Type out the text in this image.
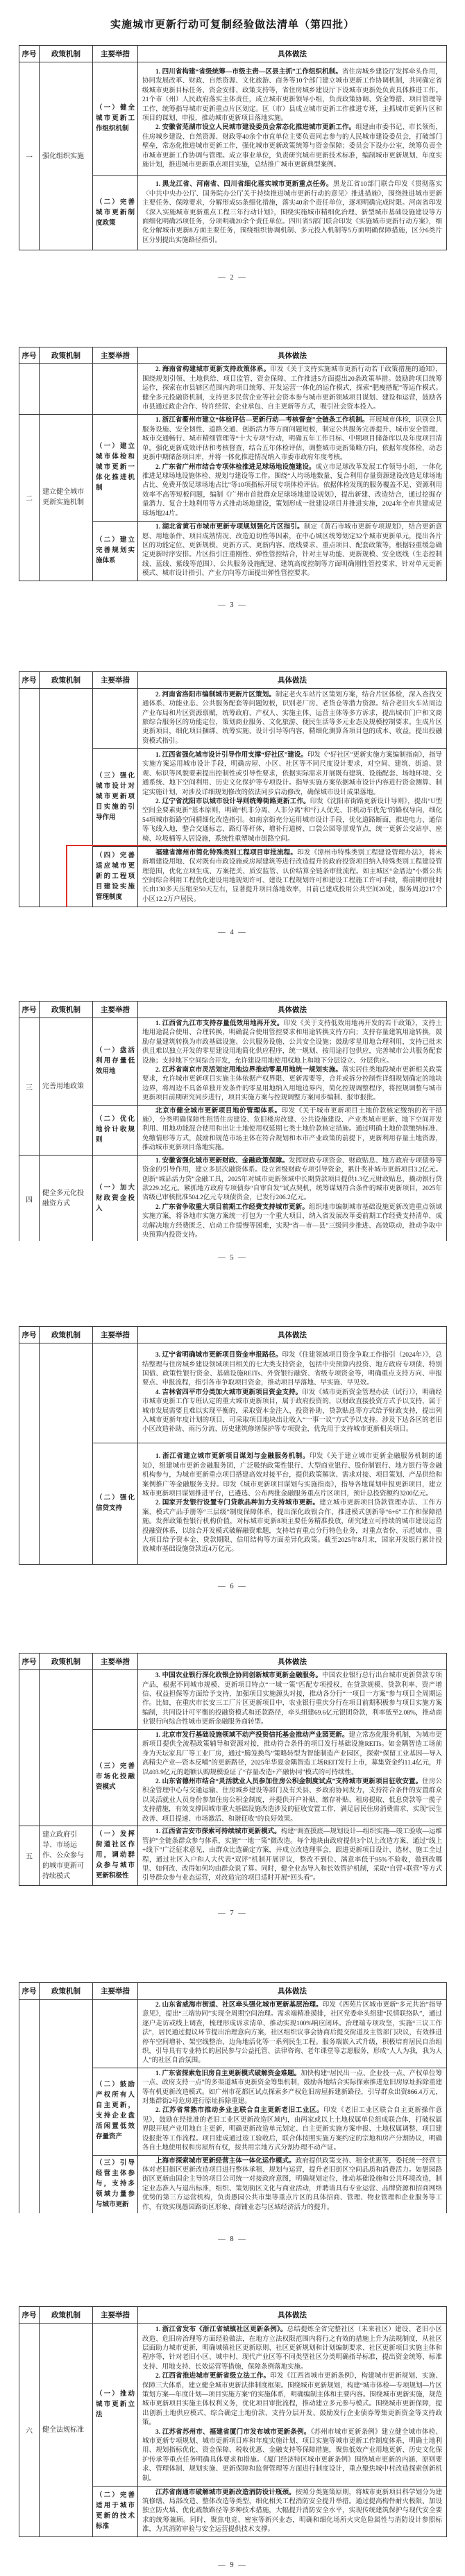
实施城市更新行动可复制经验做法清单（第四批）
序号	政策机制	主要举措	具体做法
一	强化组织实施	（一）健全城市更新工作组织机制	1. 四川省构建“省级统筹—市级主责—区县主抓”工作组织机制。省住房城乡建设厅发挥牵头作用，协同发展改革、财政、自然资源、文化旅游、商务等10个部门建立城市更新工作协调机制，共同确定省级城市更新目标任务、资金安排、政策支持等，省住房城乡建设厅下设城市更新处负责具体推进工作。21个市（州）人民政府落实主体责任，成立城市更新领导小组，负责政策协调、资金筹措、项目管理等工作，统筹指导城市更新重点片区划定。区（市）县成立城市更新工作推进专班，主抓城市更新片区和项目的谋划、申报，推动城市更新项目落地实施。

2. 安徽省芜湖市设立人民城市建设委员会常态化推进城市更新工作。组建由市委书记、市长领衔，住房城乡建设、自然资源、财政等40余个市直单位主要负责同志参与的人民城市建设委员会，打破部门壁垒，常态化推进城市更新工作，强化城市更新政策统筹与资金保障；委员会下设办公室，统筹负责全市城市更新工作协调与管理。成立事业单位，负责研究城市更新技术标准，编制城市更新规划、年度实施计划，推进城市更新重点项目实施，总结推广城市更新典型案例。

		（二）完善城市更新制度政策	1. 黑龙江省、河南省、四川省细化落实城市更新重点任务。黑龙江省10部门联合印发《贯彻落实〈中共中央办公厅、国务院办公厅关于持续推进城市更新行动的意见〉推进措施》，围绕推进城市更新主要任务、保障要求，分解形成55条细化措施，落实40余个责任单位，逐项明确完成时限。河南省印发《深入实施城市更新重点工程三年行动计划》，围绕实施城市精细化治理、新型城市基础设施建设等方面细化明确25项任务，分项明确20余个责任单位。四川省5部门联合印发《实施城市更新行动方案》，细化分解城市更新8方面主要任务，围绕组织协调机制、多元投入机制等5方面明确保障措施，区分6类片区分别提出实施路径指引。

— 2 —
序号	政策机制	主要举措	具体做法

			2. 海南省构建城市更新支持政策体系。印发《关于支持实施城市更新行动若干政策措施的通知》，围绕规划引领、土地供给、项目监管、资金保障、工作推进5方面提出20条政策举措。鼓励跨项目统筹运作，探索在市县辖区范围内跨项目统筹、开发运营一体化的运作模式，探索“肥瘦搭配”等运作模式。健全多元投融资机制，支持更多民营企业等社会资本参与城市更新领域项目谋划、建设和运营，鼓励各市县通过政企合作、特许经营、企业承包、自主更新等方式，吸引社会资本投入。

二	建立健全城市更新实施机制	（一）建立城市体检和城市更新一体化推进机制	1. 浙江省衢州市建立“体检评估—更新行动—考核督查”全链条工作机制。开展城市体检，识别公共服务设施、安全韧性、道路交通、创新活力等方面问题短板，制定公共服务完善提升、城市安全管理、城市交通畅行、城市精细管理等“十大专项”行动，明确五年工作目标、中期项目储备库以及年度项目清单。强化更新成效评估和考核督查，结合五年体检评估，调整城市更新策略方向，依据年度体检，动态更新中期储备项目库，并将一体化推进情况纳入市委市政府年度考核。

2. 广东省广州市结合专项体检推进足球场地设施建设。成立市足球改革发展工作领导小组，一体化推进足球场地设施体检、规划与建设等工作。围绕“人均场地数量、复合利用存量资源建设改造足球场地占比、免费开放足球场地占比”等10项指标开展专项体检评估。依据体检发现的服务覆盖不足、资源利用效率不高等短板问题，编制《广州市首批群众足球场地建设规划》，提出新建、改造结合，通过挖掘存量潜力、复合土地利用等方式推动场地建设，策划形成一批建设项目并推进实施，2024年全市共建成足球场地24片。

		（二）建立完善规划实施体系	1. 湖北省黄石市城市更新专项规划强化片区指引。制定《黄石市城市更新专项规划》，结合更新意愿、用地条件、项目成熟情况、改造迫切性等因素，在中心城区统筹划定32个城市更新单元，提出各片区的功能定位、更新规模、更新方式、更新内容、底线要求、重点项目、配套政策等，根据轻重缓急确定更新时序安排。片区指引注重刚性、弹性管控结合，针对主导功能、更新规模、安全底线（生态控制线、蓝线、紫线等范围）、公共服务设施配建、建筑高度控制等方面明确刚性管控要求，针对单元更新模式、城市设计指引、产业方向等方面提出弹性管控要求。

— 3 —
序号	政策机制	主要举措	具体做法

			2. 河南省洛阳市编制城市更新片区策划。制定老火车站片区策划方案，结合片区体检，深入查找交通体系、功能业态、公共服务配套等问题短板，识别老厂房、老货仓等潜力资源。结合老旧火车站周边产业布局和片区资源禀赋，统筹政府、产权人、实施主体、运营主体等多方诉求，提出城市门户和文商旅综合服务区的功能定位，策划商业服务、文化旅游、便民生活等多元业态及规模控制要求。生成片区更新项目，细化项目捆绑、统筹实施、设计引导等内容，精细化测算各项目包的成本、收益，提出投融资模式指引。

		（三）强化城市设计对城市更新项目实施的引导作用	1. 江西省强化城市设计引导作用支撑“好社区”建设。印发《“好社区”更新实施方案编制指南》，指导实施方案运用城市设计手段，明确房屋、小区、社区等不同尺度设计要求，对空间、建筑、街道、景观、标识等风貌要素提出控制性或引导性要求，依据实际需求开展既有建筑、设施配套、场地环境、交通系统、地下空间利用、历史文化保护等专项设计。指导实施方案依据城市设计内容进行资金测算、制定实施计划，对涉及详细规划修改的依法同步启动修改，确保城市设计成果落地。

2. 辽宁省沈阳市以城市设计导则统筹街路更新工作。印发《沈阳市街路更新设计导则》，提出“U型空间全要素更新”基本原则，明确“机非分离、人非分离”和“行人优先、非机动车优先”的路权导向，细化54项城市街路空间精细化改造指引。如南京街充分运用城市设计手段，优化道路断面，推进电力、通信等飞线入地，整合交通标志、路灯等杆体，增补行道树、口袋公园等景观节点，统一更新公交站亭、座椅、垃圾桶等人居设施，系统性重塑城市街路空间。

		（四）完善适应城市更新的工程项目建设实施管理制度	福建省漳州市简化特殊类别工程项目审批流程。印发《漳州市特殊类别工程建设管理办法》，将未新增建设用地、仅对既有市政设施或房屋建筑等进行改造提升的政府投资项目纳入特殊类别工程建设管理范围，优化立项生成、方案把关、质安监管、认价结算全链条审批流程。如主城区“金厝边”小微公共空间综合利用工程优化建设用地规划许可、建设工程规划许可和建设工程施工许可手续，将前期审批时长由130多天压缩至50天左右，显著提升项目落地效率，目前已建成投用公共空间20处，服务周边217个小区12.2万户居民。

— 4 —
序号	政策机制	主要举措	具体做法
三	完善用地政策	（一）盘活利用存量低效用地	1. 江西省九江市支持存量低效用地再开发。印发《关于支持低效用地再开发的若干政策》，支持土地用途混合使用、合理转换，明确混合使用管控要求和用途转换支持方向；支持存量建筑用途转换，鼓励存量建筑转换为市政基础设施、公共服务设施、公共安全设施；鼓励零星用地合理利用，支持已批未供且难以独立开发的零星建设用地简化供应程序，统一规划、按用途打包供应，完善城市公共服务配套设施；支持地下空间综合开发，允许建设用地使用权地上和地下分层设立、分层供应。

2. 江苏省南京市灵活划定用地边界推动零星用地统一规划实施。落实居住类地段城市更新相关政策要求，允许城市更新项目实施主体依据产权界限、更新需要等，合并或拆分控制性详细规划确定的地块边界，将周边不具备单独开发条件的零星用地纳入用地边界内，简化控规调整程序，将控规调整与城市更新项目前期研究同步进行，项目实施方案与控规调整方案同步编制、报审报批。

		（二）优化地价计收规则	北京市健全城市更新项目地价管理体系。印发《关于城市更新项目土地价款核定缴纳的若干措施》，分类明确保障性租赁住房建设、危旧楼房改建、公共设施建设、产业类城市更新、地下空间开发利用、用地功能混合使用和出让土地使用权延期七类土地价款核定措施。通过明确土地价款缴纳标准、免缴情形等方式，鼓励和规范市场主体在符合规划和本市产业政策的前提下，更新利用存量土地资源，推动城市更新项目落地实施。

四	健全多元化投融资方式	（一）加大财政资金投入	1. 安徽省强化城市更新财政、金融政策保障。发挥财政专项资金、财政贴息、地方政府专项债券等资金的引导作用，建立多层次融资体系。设立省级财政专项引导资金，累计奖补城市更新项目3.2亿元。创新“城品活力贷”金融工具，2025年对城市更新领域中长期贷款项目提供1.3亿元财政贴息，撬动银行贷款229.2亿元。紧抓地方政府专项债券“自审自发”试点契机，统筹谋划符合条件的城市更新项目，2025年省级已审核批准504.2亿元专项债资金，已发行206.2亿元。

2. 广东省争取重大项目前期工作经费支持城市更新。组织地市编制城市基础设施更新改造重点领域实施方案，将各地市实施方案统一打包为一个重大项目，纳入省发展改革委前期工作经费支持清单，成功解决地方经费匮乏、启动工作缓慢等困难，实现“省—市—县”三级同步推进、高效联动，推动争取中央预算内投资支持。

— 5 —
序号	政策机制	主要举措	具体做法

			3. 辽宁省明确城市更新项目资金申报路径。印发《住建领域项目资金争取工作指引（2024年）》，总结整理与住房城乡建设领域项目相关的七大类支持资金，包括中央预算内投资、地方政府专项债、特别国债、政策性银行资金、基础设施REITs、外资银行融资、省级专项资金等，明确重点支持方向、申报要点、申报流程，指引各市争取项目资金，推动项目早落地、早实施、早见效。

4. 吉林省四平市分类加大城市更新项目资金支持。印发《城市更新资金管理办法（试行）》，明确经市城市更新工作专班认定的重大城市更新项目，属于政府投资的，以财政直接投资方式予以支持，属于城市发展需要且难以实现平衡的，采取资本金注入、投资补助、贷款贴息等方式给予财政支持，提出列入城市更新年度计划的项目，可采取项目地块出让收入“一事一议”方式予以支持。涉及下达各区的老旧小区改造补助、雨污分流、历史建筑修缮保护等专项资金，优先用于支持城市更新相关项目。

		（二）强化信贷支持	1. 浙江省建立城市更新项目谋划与金融服务机制。印发《关于建立城市更新金融服务机制的通知》，组建城市更新金融服务团，广泛吸纳政策性银行、大型商业银行、股份制银行、地方银行等金融机构参与，为城市更新重点项目搭建高效对接平台，提供政策解读、需求对接、项目策划、产品供给和案例推广等金融服务支持。印发《城市更新项目谋划与实施指南》，指导各地谋划申报更新项目，建立城市更新项目谋划推进平台，已遴选、公布两批金融服务重点片区项目，预计总投资额约3200亿元。

2. 国家开发银行设置专门贷款品种加力支持城市更新。建立城市更新项目贷款管理办法、工作方案、模式产品手册等“三层级”制度保障体系，提出深化政银合作、推进模式创新等“6+6”工作和保障措施。发挥政策性银行机构价值，对标城市更新8项主要任务精准投放，研究建立可持续的城市建设运营投融资体系，以综合开发模式破解融资难题，支持培育重点分行特色业务，对重点省份、示范城市、重大项目给予资本金、贷款期限、信用结构等方面差异化政策。截至2025年8月末，国家开发银行累计投放城市基础设施贷款近4万亿元。

— 6 —
序号	政策机制	主要举措	具体做法

			3. 中国农业银行深化政银企协同创新城市更新金融服务。中国农业银行总行出台城市更新贷款专项产品，根据不同城市规模、更新项目特点“一城一策”匹配专项授权，在贷款规模、贷款利率、资产增信、权益担保等方面给予支持，加强项目实施源头对接，推动各分行“一项目一方案”参与项目全周期运作。比如，在重庆市长安三工厂片区更新项目中，农业银行重庆分行在项目前期积极参与项目实施方案编制，共同设计可平衡的投融资模式和还款路径，牵头组建69.6亿元银团贷款，利率低至2.08%，推动商业银行向综合性城市更新金融服务商转型。

		（三）完善市场化投融资模式	1. 北京市发行基础设施领域不动产投资信托基金推动产业园更新。建立常态化服务机制，为城市更新项目提供全流程政策辅导和资源对接，推动符合条件的项目发行基础设施REITs。如金隅智造工场前身为天坛家具厂等工业厂房，通过“腾笼换鸟”策略转型为智能制造产业园区，探索“保留工业基因—导入高精尖产业—资本反哺”的更新路径，2025年华夏金隅智造工场REIT发行上市，募集资金约11.4亿元，并以403.9亿元的超额认购规模验证了“存量改造+产融协同”模式的可持续性。

2. 山东省德州市结合“灵活就业人员参加住房公积金制度试点”支持城市更新项目征收安置。住房公积金管理中心与交通运输、住房城乡建设等部门及有关县、乡政府协同发力，支持符合条件的安置群众以灵活就业人员身份参加住房公积金制度，并提供开户补贴、缴存补贴、租房提取、低息贷款等一揽子支持措施，有效支撑因城市重大基础设施改造涉及的征收安置工作，满足居民住房消费需求，实现“民生改善、项目提速、市场激活、和谐征收”的良好效果。

五	建立政府引导、市场运作、公众参与的城市更新可持续模式	（一）发挥街道社区作用，调动群众参与城市更新积极性	1. 江西省吉安市探索可持续城市更新模式。构建“调查摸底—规划设计—组织实施—竣工验收—运维管护”全链条群众参与体系，实施“一地一策”微改造。每个地块由政府提供3个以上改造方案，通过“线上+线下”广泛征求意见，由群众比选确定方案，并成立改造理事会，跟进更新项目设计、选材、施工全过程，通过社区入户和人大代表“双评”机制开展评议，整改不到位、满意率低于95%不验收，做到改哪里、如何改、改得如何均由群众说了算。同时，健全业态导入和长效管护机制，采取“自营+联营”等方式引导群众参与业态运营，对改造完的项目适时开展“回头看”。

— 7 —
序号	政策机制	主要举措	具体做法

			2. 山东省威海市街道、社区牵头强化城市更新基层治理。印发《西苑片区城市更新“多元共治”指导意见》，提出“三端协同”实现全周期空间治理。需求端精准摸排，社区党委牵头组建“民情联络队”，通过逐户走访或线上调查，梳理形成诉求清单、推动实现100%响应闭环。治理端专项攻坚，实施“三议工作法”，居民通过提议环节提出治理意向方案，社区组织议事会协商后提交街道及主管部门决议，有效推进停车空间增补、架空线整治、边角地活化等一系列民生工程。服务端嵌入式升级，积极培育居民自治组织，引导具有专业特长的居民参与公益托管、法律咨询、老年课堂等志愿服务，形成“人人为我，我为人人”的社区自治氛围。

		（二）鼓励产权所有人自主更新，支持企业盘活闲置低效存量资产	1. 广东省探索危旧房自主更新模式破解资金难题。加快构建“居民出一点、企业投一点、产权单位筹一点、政府支持一点”的多渠道城市更新资金筹集机制，鼓励各地结合实际探索推进危旧房原址拆除重建等有机更新改造模式。如广州市花都区试点探索多产权危旧房屋拆建新路径，引导群众出资866.4万元，对集群街2号危房进行原址拆除重建。

2. 江苏省常熟市推动多业主联合自主更新老旧工业区。印发《老旧工业区联合自主更新操作意见》，鼓励在经批准的老旧工业区更新改造区域内，由两家或以上土地权属单位组成联合体，打破权属界限开展产业用地自主更新，明确更新改造单元划定、自主更新实施方案申报、土地权属调整、项目建设报批等工作流程。项目建成通过竣工验收后，联合体按照实施方案约定的宗地和房产分割协议，明确各自土地使用权和房屋所有权，按共用宗地方式分割办理不动产证。

		（三）引导经营主体参与，支持多领域力量参与城市更新	上海市探索城市更新经营主体一体化运作模式。政府提供政策支持、租金优惠等，委托统一经营主体对老旧街区更新改造项目进行整体承租、规划与运营，提升老旧街区空间品质和消费活力。如愚园路街区更新由国企主导的项目公司统一对接政府意图，明确规划定位，推动基础设施和公共环境改造，制定业态准入与退出标准，组织、策划街区文化与商业活动，并聘请具有专业运营、品牌资源和招商网络优势的第三方运营机构，负责愚园公共市集等重点片区的具体招商、管理、物业管理和企业服务等工作，有效实现愚园路街区形象、商铺业态与区域经济活力的提升。

— 8 —
序号	政策机制	主要举措	具体做法
六	健全法规标准	（一）推动城市更新立法	1. 浙江省发布《浙江省城镇社区更新条例》。总结提炼全省完整社区（未来社区）建设、老旧小区改造、危旧房治理等方面经验做法，在地方立法权限范围内将行之有效的措施上升为法规制度，从社区层面助力城市更新，明确城镇社区更新原则、社区更新规划和计划编制要求、社区更新项目实施主体和程序等，针对老旧小区、城中村、现代产业区等不同类型社区分类明确指导标准，提出资金统筹、标准支持、用地支持、长效运营等措施，保障条例落地实施。

2. 江西省推进城市更新省级立法工作。印发《江西省城市更新条例》，构建城市更新规划、实施、保障三大体系，建立健全城市更新法律制度框架。围绕城市更新规划，构建“城市体检—专项规划—片区策划方案—年度计划—项目实施方案”的实施体系，明确编制主体和主要内容。围绕城市更新实施，规范城市更新项目实施主体权利义务，优化项目审批流程，推动建立多元参与模式。围绕城市更新保障，提出创新土地供应模式、综合确定土地价款、支持分层开发、鼓励发行企业债券筹集更新资金等支持政策。

3. 江苏省苏州市、福建省厦门市发布城市更新条例。《苏州市城市更新条例》建立健全城市体检、城市更新专项规划、城市更新项目库和年度实施计划、项目实施等城市更新工作制度体系，明确土地利用、规划指标优化、资金保障、税收优惠、金融支持等保障措施，聚焦低效产业用地更新、历史文化保护传承等重点任务明确具体要求和措施。《厦门经济特区城市更新条例》围绕城市更新的内涵、原则要求、管理体制、规划实施、更新保障和监督管理等方面进行制度设计，重点聚焦城中村改造探索创新机制。

		（二）完善适用于城市更新的技术标准	江苏省南通市破解城市更新改造消防设计瓶颈。按照分类施策原则，将城市更新项目科学划分为建筑修缮、局部改造、整体改造等类型，细化相关工程消防安全提升举措。通过提高构件耐火极限、加设独立防火墙、优化疏散路径等多种技术措施，大幅提升消防安全水平，实现传统建筑保护与现代安全要求的统筹兼顾。同时，聚焦电竞、密室等新兴业态，明确和细化场所火灾危险属性与消防设计参照标准，为其消防审验与安全运营提供技术支撑。

— 9 —
